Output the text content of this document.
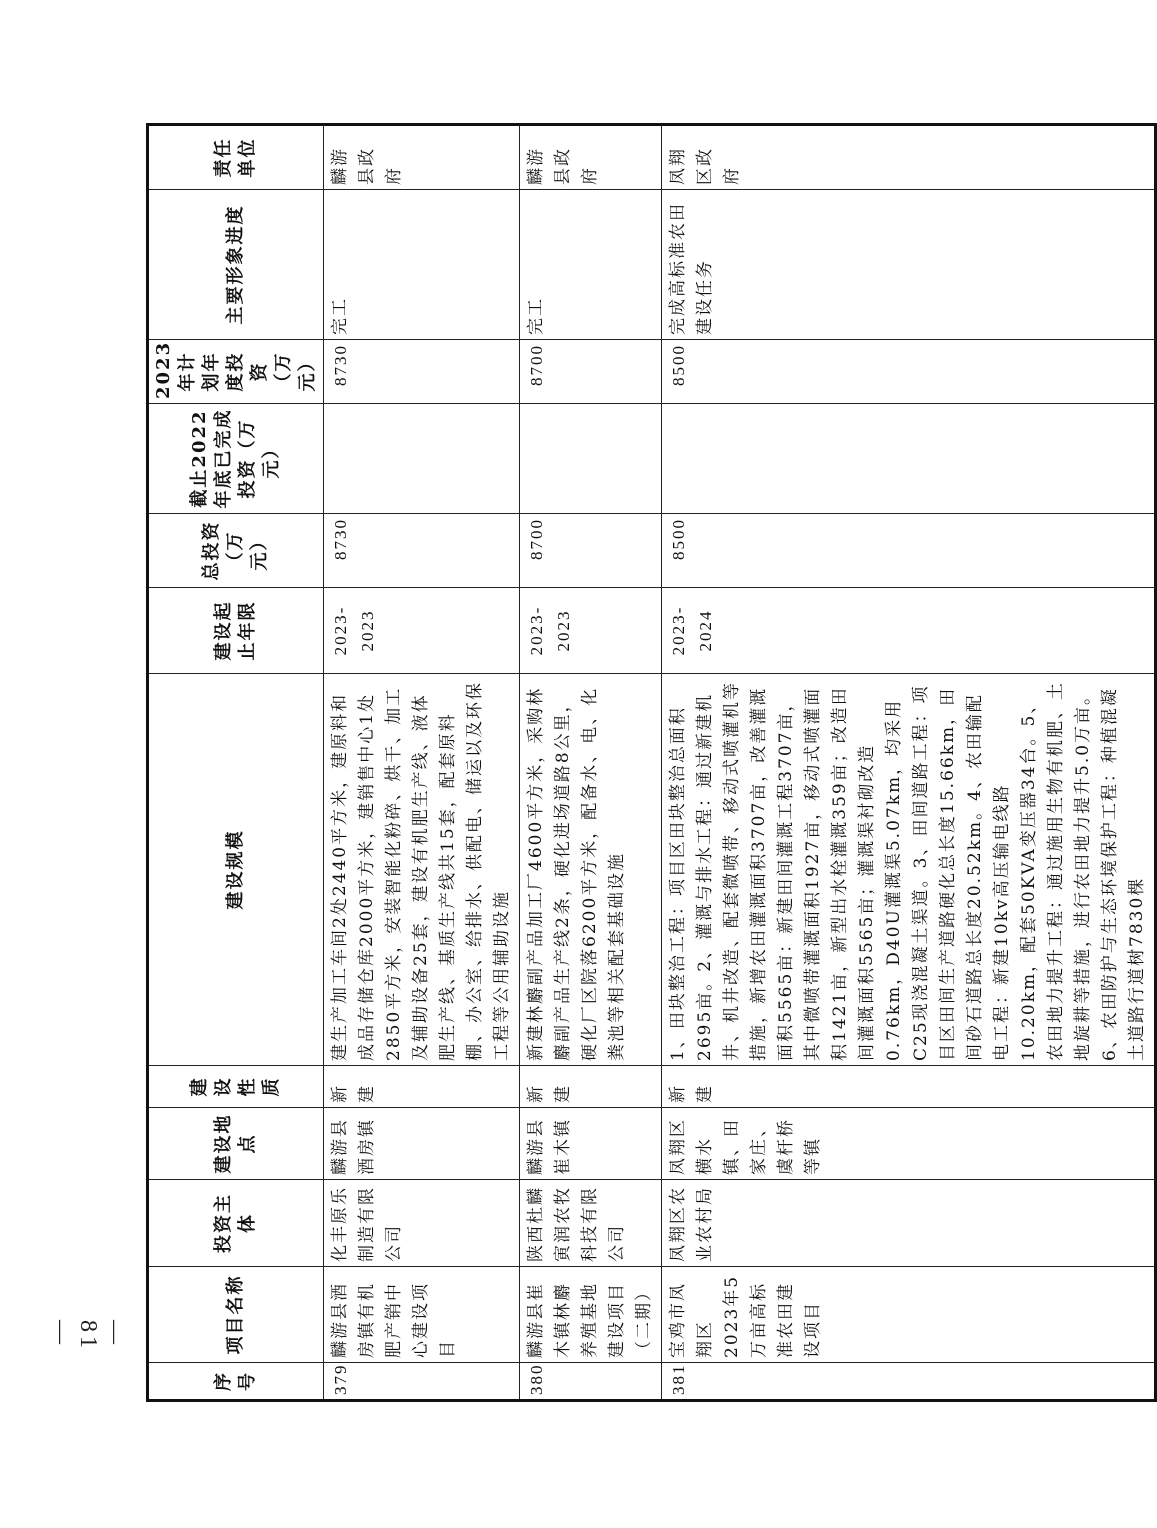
序号	项目名称	投资主体	建设地点	建设性质	建设规模	建设起止年限	总投资（万元）	截止2022年底已完成投资（万元）	2023年计划年度投资（万元）	主要形象进度	责任单位
379	麟游县酒房镇有机肥产销中心建设项目	化丰原乐制造有限公司	麟游县酒房镇	新建	建生产加工车间2处2440平方米，建原料和成品存储仓库2000平方米，建销售中心1处2850平方米，安装智能化粉碎、烘干、加工及辅助设备25套，建设有机肥生产线、液体肥生产线、基质生产线共15套，配套原料棚、办公室、给排水、供配电、储运以及环保工程等公用辅助设施	2023-2023	8730		8730	完工	麟游县政府
380	麟游县崔木镇林麝养殖基地建设项目（二期）	陕西杜麟寅润农牧科技有限公司	麟游县崔木镇	新建	新建林麝副产品加工厂4600平方米，采购林麝副产品生产线2条，硬化进场道路8公里，硬化厂区院落6200平方米，配备水、电、化粪池等相关配套基础设施	2023-2023	8700		8700	完工	麟游县政府
381	宝鸡市凤翔区2023年5万亩高标准农田建设项目	凤翔区农业农村局	凤翔区横水镇、田家庄、虞杆桥等镇	新建	1、田块整治工程：项目区田块整治总面积2695亩。2、灌溉与排水工程：通过新建机井、机井改造、配套微喷带、移动式喷灌机等措施，新增农田灌溉面积3707亩，改善灌溉面积5565亩：新建田间灌溉工程3707亩，其中微喷带灌溉面积1927亩，移动式喷灌面积1421亩，新型出水栓灌溉359亩；改造田间灌溉面积5565亩；灌溉渠衬砌改造0.76km，D40U灌溉渠5.07km，均采用C25现浇混凝土渠道。3、田间道路工程：项目区田间生产道路硬化总长度15.66km，田间砂石道路总长度20.52km。4、农田输配电工程：新建10kv高压输电线路10.20km，配套50KVA变压器34台。5、农田地力提升工程：通过施用生物有机肥、土地旋耕等措施，进行农田地力提升5.0万亩。6、农田防护与生态环境保护工程：种植混凝土道路行道树7830棵	2023-2024	8500		8500	完成高标准农田建设任务	凤翔区政府
— 81 —
